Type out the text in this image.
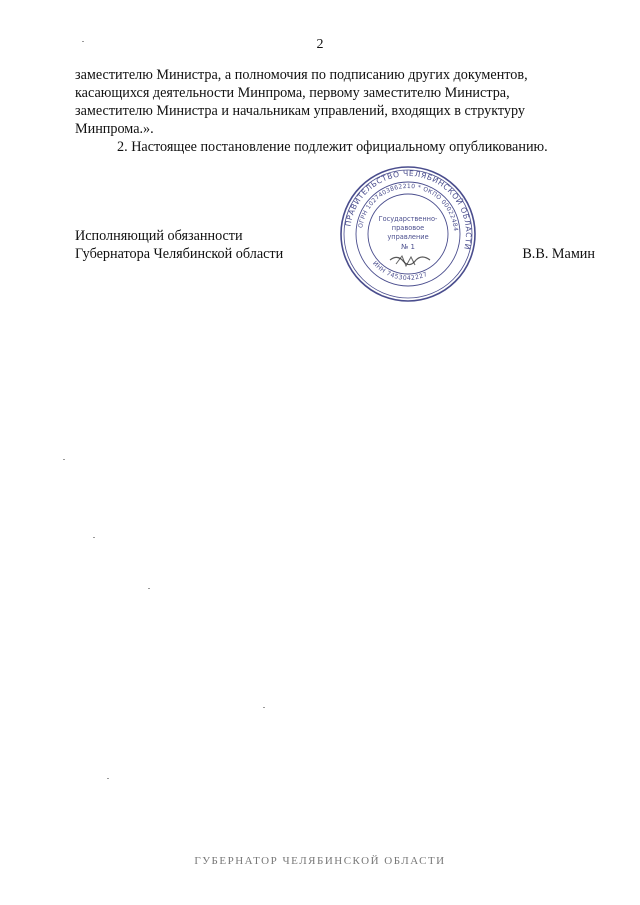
2

заместителю Министра, а полномочия по подписанию других документов,

касающихся деятельности Минпрома, первому заместителю Министра,

заместителю Министра и начальникам управлений, входящих в структуру

Минпрома.».

2. Настоящее постановление подлежит официальному опубликованию.

Исполняющий обязанности
Губернатора Челябинской области	В.В. Мамин
ПРАВИТЕЛЬСТВО ЧЕЛЯБИНСКОЙ ОБЛАСТИ
ОГРН 1027403862210 * ОКПО 00022484
ИНН 7453042227
Государственно-
правовое
управление
№ 1
ГУБЕРНАТОР ЧЕЛЯБИНСКОЙ ОБЛАСТИ
